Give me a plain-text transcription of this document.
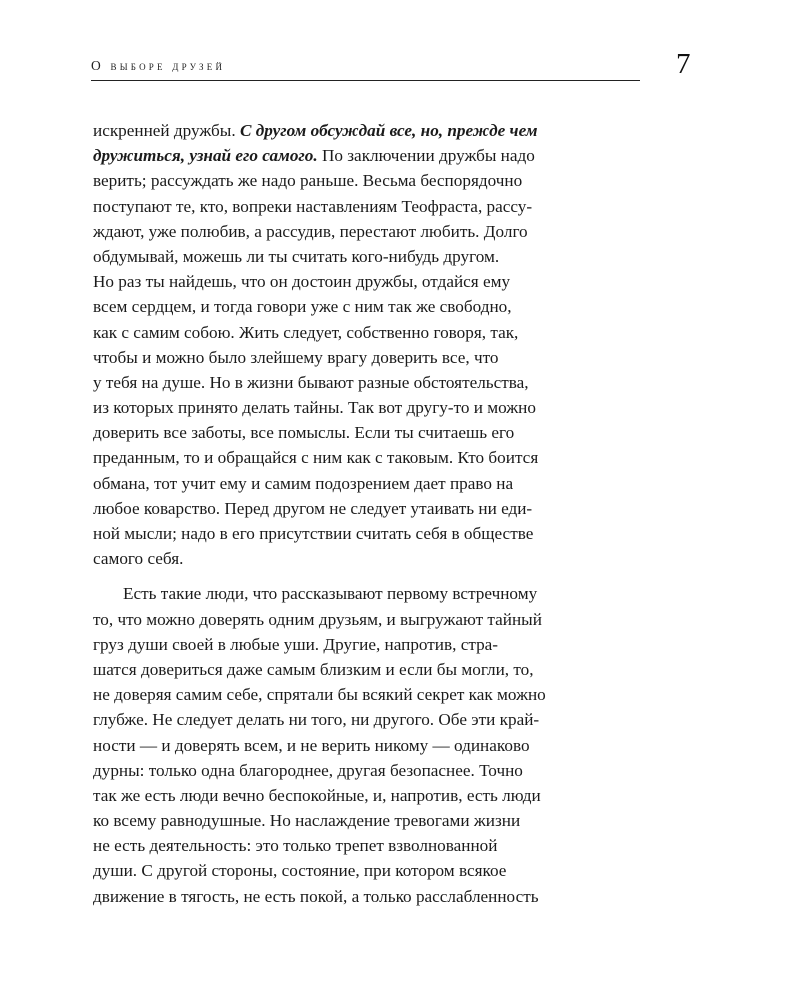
О выборе друзей	7
искренней дружбы. С другом обсуждай все, но, прежде чем
дружиться, узнай его самого. По заключении дружбы надо
верить; рассуждать же надо раньше. Весьма беспорядочно
поступают те, кто, вопреки наставлениям Теофраста, рассу-
ждают, уже полюбив, а рассудив, перестают любить. Долго
обдумывай, можешь ли ты считать кого-нибудь другом.
Но раз ты найдешь, что он достоин дружбы, отдайся ему
всем сердцем, и тогда говори уже с ним так же свободно,
как с самим собою. Жить следует, собственно говоря, так,
чтобы и можно было злейшему врагу доверить все, что
у тебя на душе. Но в жизни бывают разные обстоятельства,
из которых принято делать тайны. Так вот другу-то и можно
доверить все заботы, все помыслы. Если ты считаешь его
преданным, то и обращайся с ним как с таковым. Кто боится
обмана, тот учит ему и самим подозрением дает право на
любое коварство. Перед другом не следует утаивать ни еди-
ной мысли; надо в его присутствии считать себя в обществе
самого себя.
Есть такие люди, что рассказывают первому встречному
то, что можно доверять одним друзьям, и выгружают тайный
груз души своей в любые уши. Другие, напротив, стра-
шатся довериться даже самым близким и если бы могли, то,
не доверяя самим себе, спрятали бы всякий секрет как можно
глубже. Не следует делать ни того, ни другого. Обе эти край-
ности — и доверять всем, и не верить никому — одинаково
дурны: только одна благороднее, другая безопаснее. Точно
так же есть люди вечно беспокойные, и, напротив, есть люди
ко всему равнодушные. Но наслаждение тревогами жизни
не есть деятельность: это только трепет взволнованной
души. С другой стороны, состояние, при котором всякое
движение в тягость, не есть покой, а только расслабленность
